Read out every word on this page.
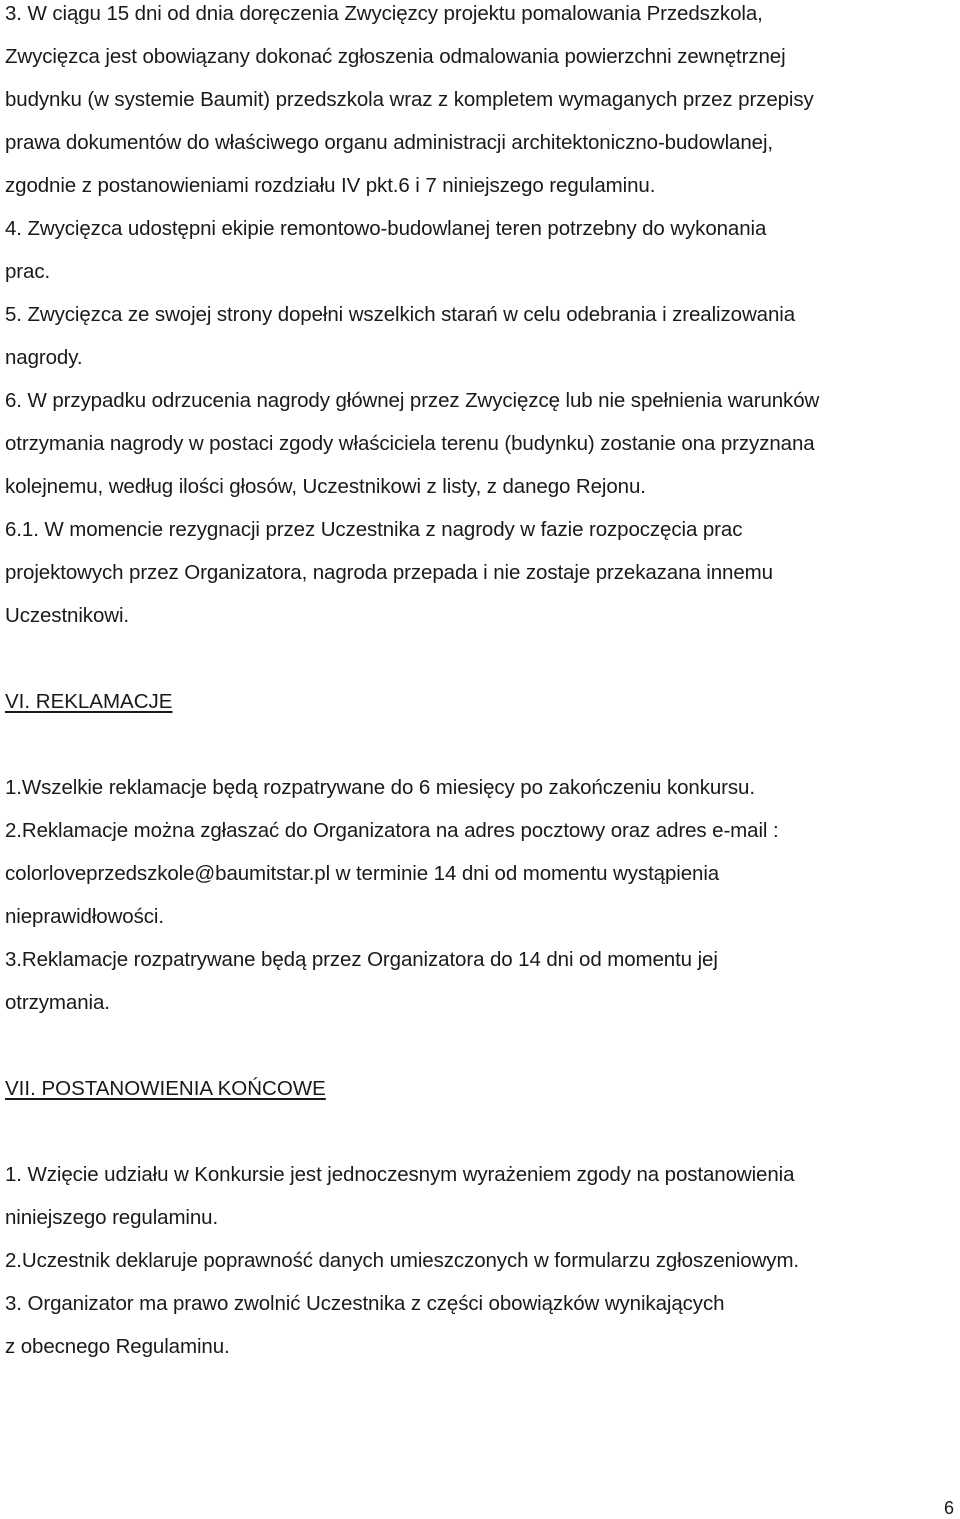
3. W ciągu 15 dni od dnia doręczenia Zwycięzcy projektu pomalowania Przedszkola,
Zwycięzca jest obowiązany dokonać zgłoszenia odmalowania powierzchni zewnętrznej
budynku (w systemie Baumit) przedszkola wraz z kompletem wymaganych przez przepisy
prawa dokumentów do właściwego organu administracji architektoniczno-budowlanej,
zgodnie z postanowieniami rozdziału IV pkt.6 i 7 niniejszego regulaminu.
4. Zwycięzca udostępni ekipie remontowo-budowlanej teren potrzebny do wykonania
prac.
5. Zwycięzca ze swojej strony dopełni wszelkich starań w celu odebrania i zrealizowania
nagrody.
6. W przypadku odrzucenia nagrody głównej przez Zwycięzcę lub nie spełnienia warunków
otrzymania nagrody w postaci zgody właściciela terenu (budynku) zostanie ona przyznana
kolejnemu, według ilości głosów, Uczestnikowi z listy, z danego Rejonu.
6.1. W momencie rezygnacji przez Uczestnika z nagrody w fazie rozpoczęcia prac
projektowych przez Organizatora, nagroda przepada i nie zostaje przekazana innemu
Uczestnikowi.
VI. REKLAMACJE
1.Wszelkie reklamacje będą rozpatrywane do 6 miesięcy po zakończeniu konkursu.
2.Reklamacje można zgłaszać do Organizatora na adres pocztowy oraz adres e-mail :
colorloveprzedszkole@baumitstar.pl w terminie 14 dni od momentu wystąpienia
nieprawidłowości.
3.Reklamacje rozpatrywane będą przez Organizatora do 14 dni od momentu jej
otrzymania.
VII. POSTANOWIENIA KOŃCOWE
1. Wzięcie udziału w Konkursie jest jednoczesnym wyrażeniem zgody na postanowienia
niniejszego regulaminu.
2.Uczestnik deklaruje poprawność danych umieszczonych w formularzu zgłoszeniowym.
3. Organizator ma prawo zwolnić Uczestnika z części obowiązków wynikających
z obecnego Regulaminu.
6
